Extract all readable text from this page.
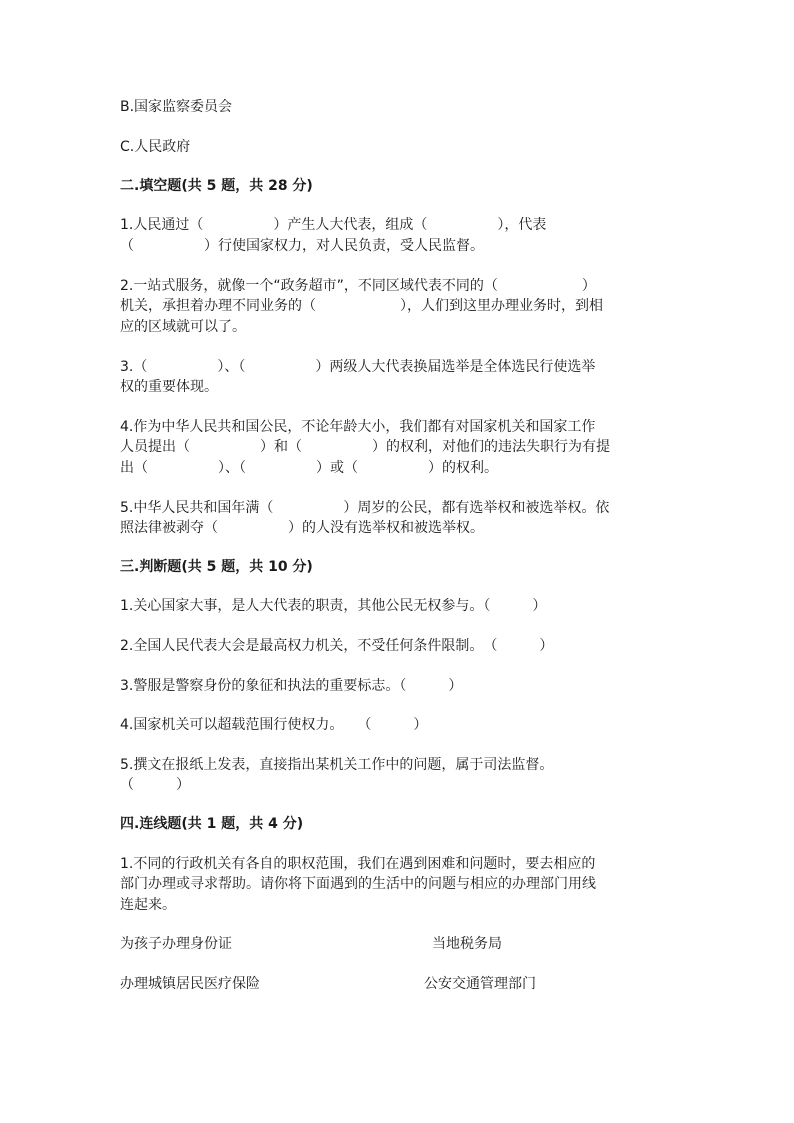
B.国家监察委员会
C.人民政府
二.填空题(共 5 题，共 28 分)
1.人民通过（　　　　　）产生人大代表，组成（　　　　　），代表
（　　　　　）行使国家权力，对人民负责，受人民监督。
2.一站式服务，就像一个“政务超市”，不同区域代表不同的（　　　　　　）
机关，承担着办理不同业务的（　　　　　　），人们到这里办理业务时，到相
应的区域就可以了。
3.（　　　　　）、（　　　　　）两级人大代表换届选举是全体选民行使选举
权的重要体现。
4.作为中华人民共和国公民，不论年龄大小，我们都有对国家机关和国家工作
人员提出（　　　　　）和（　　　　　）的权利，对他们的违法失职行为有提
出（　　　　　）、（　　　　　）或（　　　　　）的权利。
5.中华人民共和国年满（　　　　　）周岁的公民，都有选举权和被选举权。依
照法律被剥夺（　　　　　）的人没有选举权和被选举权。
三.判断题(共 5 题，共 10 分)
1.关心国家大事，是人大代表的职责，其他公民无权参与。（　　　）
2.全国人民代表大会是最高权力机关，不受任何条件限制。　（　　　）
3.警服是警察身份的象征和执法的重要标志。（　　　）
4.国家机关可以超载范围行使权力。　　（　　　）
5.撰文在报纸上发表，直接指出某机关工作中的问题，属于司法监督。
（　　　）
四.连线题(共 1 题，共 4 分)
1.不同的行政机关有各自的职权范围，我们在遇到困难和问题时，要去相应的
部门办理或寻求帮助。请你将下面遇到的生活中的问题与相应的办理部门用线
连起来。
为孩子办理身份证	当地税务局
办理城镇居民医疗保险	公安交通管理部门
